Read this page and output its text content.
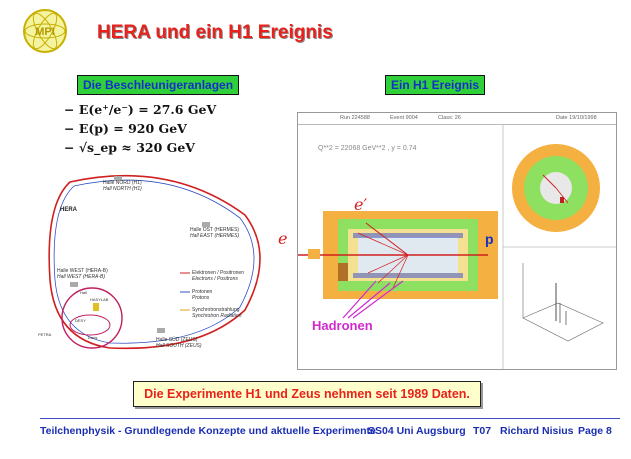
MPI HERA und ein H1 Ereignis
Die Beschleunigeranlagen
− E(e⁺/e⁻) = 27.6 GeV
− E(p) = 920 GeV
− √s_ep ≈ 320 GeV
HERA
Halle NORD (H1)
Hall NORTH (H1)
Halle OST (HERMES)
Hall EAST (HERMES)
Halle WEST (HERA-B)
Hall WEST (HERA-B)
Halle SÜD (ZEUS)
Hall SOUTH (ZEUS)
Elektronen / Positronen
Electrons / Positrons
Protonen
Protons
Synchrotronstrahlung
Synchrotron Radiation
HASYLAB
DESY
PETRA
Doris
Hall
Ein H1 Ereignis
Run 224588	Event 9004	Class: 26	Date 19/10/1998
Q**2 = 22068 GeV**2 , y = 0.74
e
e′
p
Hadronen
Die Experimente H1 und Zeus nehmen seit 1989 Daten.
Teilchenphysik - Grundlegende Konzepte und aktuelle Experimente
SS04 Uni Augsburg T07 Richard Nisius Page 8
